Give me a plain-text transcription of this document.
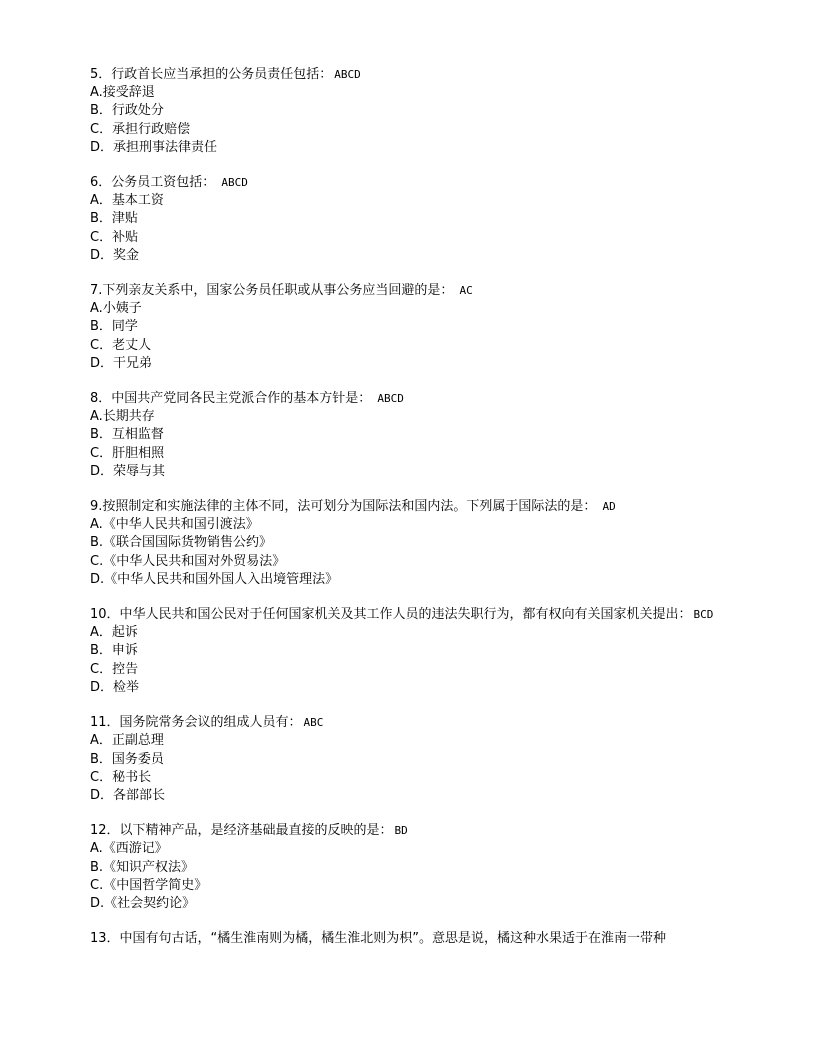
5．行政首长应当承担的公务员责任包括： ABCD
A.接受辞退
B．行政处分
C．承担行政赔偿
D．承担刑事法律责任
6．公务员工资包括： ABCD
A．基本工资
B．津贴
C．补贴
D．奖金
7.下列亲友关系中，国家公务员任职或从事公务应当回避的是： AC
A.小姨子
B．同学
C．老丈人
D．干兄弟
8．中国共产党同各民主党派合作的基本方针是： ABCD
A.长期共存
B．互相监督
C．肝胆相照
D．荣辱与其
9.按照制定和实施法律的主体不同，法可划分为国际法和国内法。下列属于国际法的是： AD
A.《中华人民共和国引渡法》
B.《联合国国际货物销售公约》
C.《中华人民共和国对外贸易法》
D.《中华人民共和国外国人入出境管理法》
10．中华人民共和国公民对于任何国家机关及其工作人员的违法失职行为，都有权向有关国家机关提出： BCD
A．起诉
B．申诉
C．控告
D．检举
11．国务院常务会议的组成人员有： ABC
A．正副总理
B．国务委员
C．秘书长
D．各部部长
12．以下精神产品，是经济基础最直接的反映的是： BD
A.《西游记》
B.《知识产权法》
C.《中国哲学简史》
D.《社会契约论》
13．中国有句古话，“橘生淮南则为橘，橘生淮北则为枳”。意思是说，橘这种水果适于在淮南一带种
